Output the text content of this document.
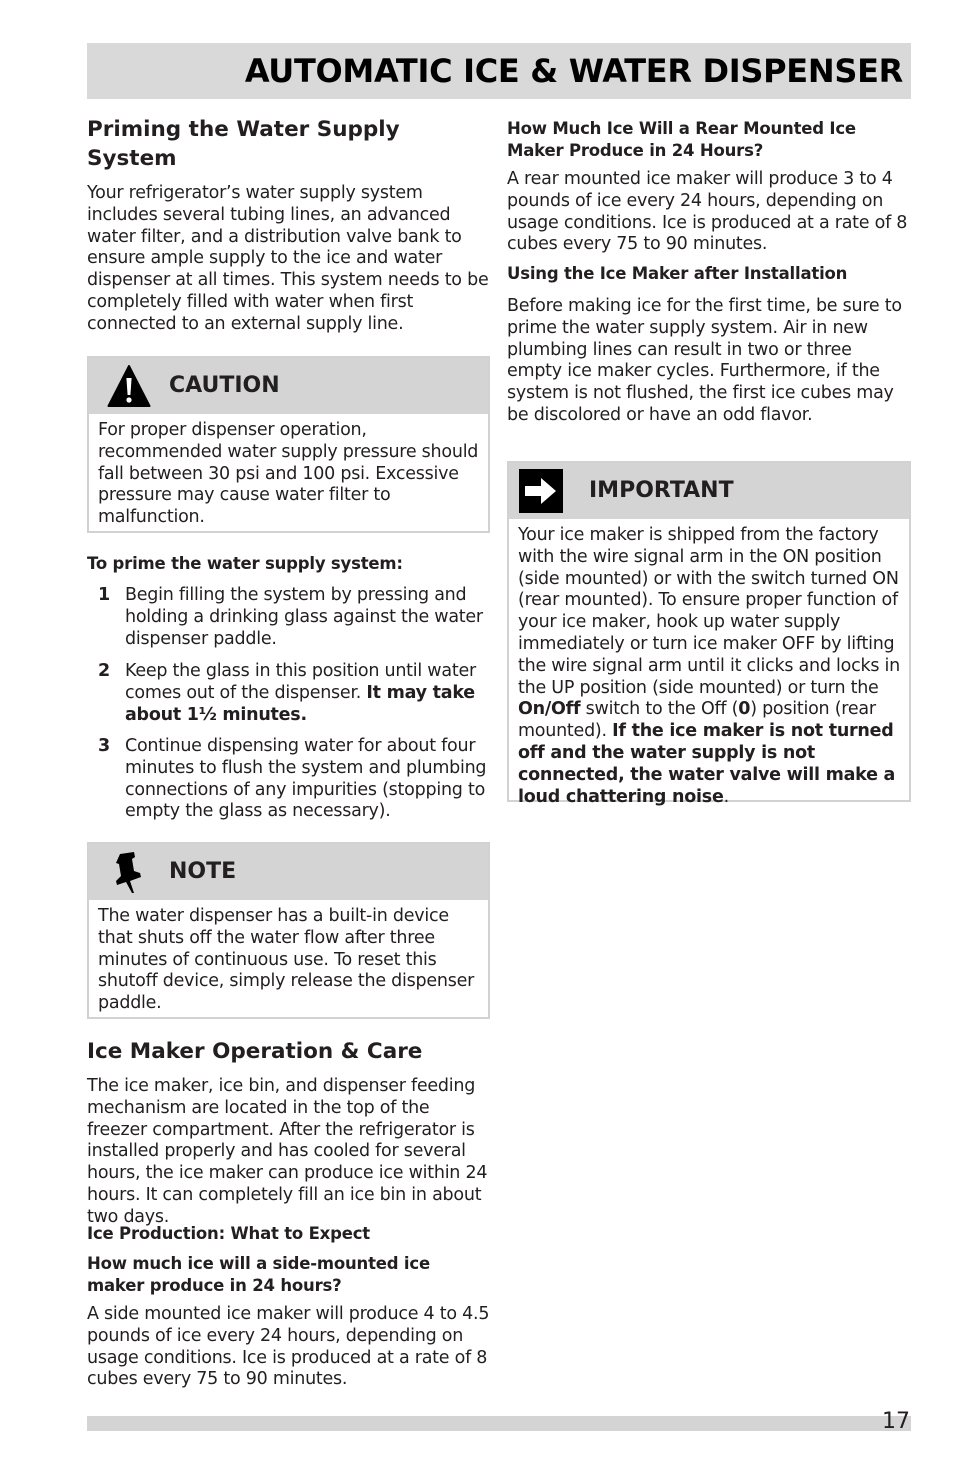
AUTOMATIC ICE & WATER DISPENSER
Priming the Water Supply System

Your refrigerator’s water supply system includes several tubing lines, an advanced water filter, and a distribution valve bank to ensure ample supply to the ice and water dispenser at all times. This system needs to be completely filled with water when first connected to an external supply line.

CAUTION
For proper dispenser operation, recommended water supply pressure should fall between 30 psi and 100 psi. Excessive pressure may cause water filter to malfunction.
To prime the water supply system:
1 Begin filling the system by pressing and holding a drinking glass against the water dispenser paddle.
2 Keep the glass in this position until water comes out of the dispenser. It may take about 1½ minutes.
3 Continue dispensing water for about four minutes to flush the system and plumbing connections of any impurities (stopping to empty the glass as necessary).
NOTE
The water dispenser has a built-in device that shuts off the water flow after three minutes of continuous use. To reset this shutoff device, simply release the dispenser paddle.
Ice Maker Operation & Care

The ice maker, ice bin, and dispenser feeding mechanism are located in the top of the freezer compartment. After the refrigerator is installed properly and has cooled for several hours, the ice maker can produce ice within 24 hours. It can completely fill an ice bin in about two days.

Ice Production: What to Expect
How much ice will a side-mounted ice maker produce in 24 hours?

A side mounted ice maker will produce 4 to 4.5 pounds of ice every 24 hours, depending on usage conditions. Ice is produced at a rate of 8 cubes every 75 to 90 minutes.

How Much Ice Will a Rear Mounted Ice Maker Produce in 24 Hours?

A rear mounted ice maker will produce 3 to 4 pounds of ice every 24 hours, depending on usage conditions. Ice is produced at a rate of 8 cubes every 75 to 90 minutes.

Using the Ice Maker after Installation

Before making ice for the first time, be sure to prime the water supply system. Air in new plumbing lines can result in two or three empty ice maker cycles. Furthermore, if the system is not flushed, the first ice cubes may be discolored or have an odd flavor.

IMPORTANT
Your ice maker is shipped from the factory with the wire signal arm in the ON position (side mounted) or with the switch turned ON (rear mounted). To ensure proper function of your ice maker, hook up water supply immediately or turn ice maker OFF by lifting the wire signal arm until it clicks and locks in the UP position (side mounted) or turn the On/Off switch to the Off (0) position (rear mounted). If the ice maker is not turned off and the water supply is not connected, the water valve will make a loud chattering noise.
17
